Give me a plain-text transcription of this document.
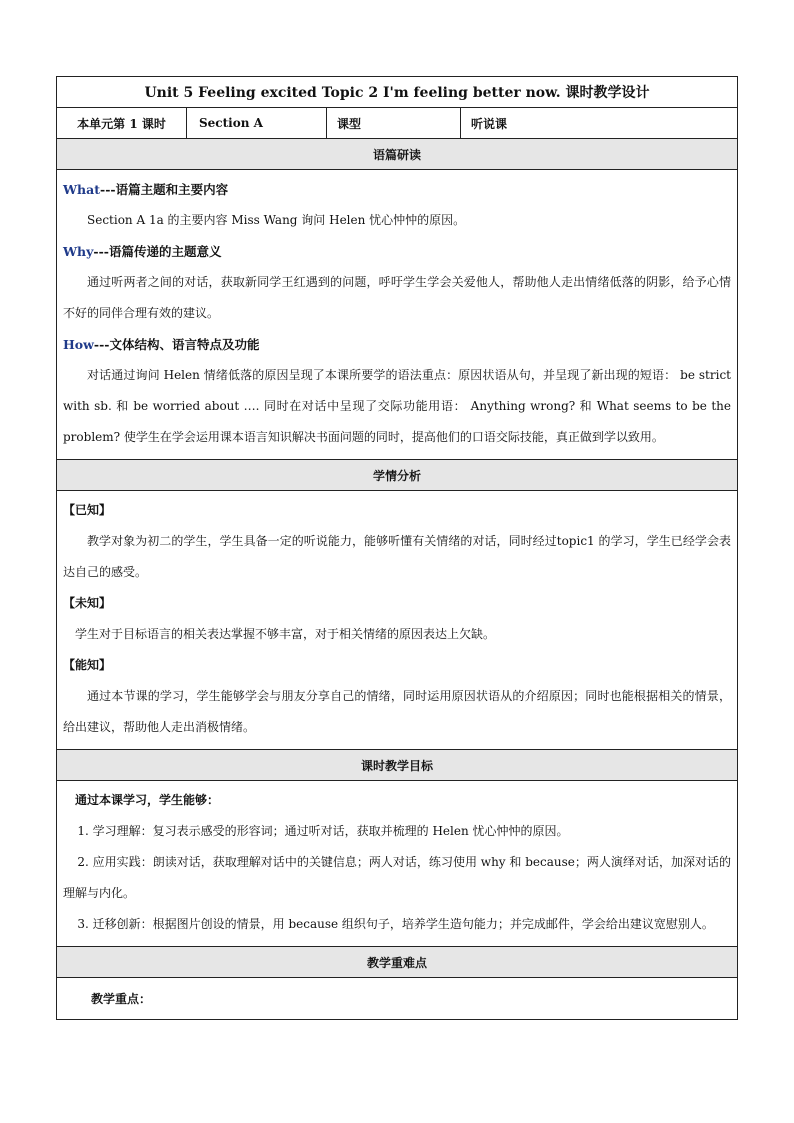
Unit 5 Feeling excited Topic 2 I'm feeling better now. 课时教学设计
本单元第 1 课时	Section A	课型	听说课
语篇研读
What---语篇主题和主要内容
Section A 1a 的主要内容 Miss Wang 询问 Helen 忧心忡忡的原因。
Why---语篇传递的主题意义
通过听两者之间的对话，获取新同学王红遇到的问题，呼吁学生学会关爱他人，帮助他人走出情绪低落的阴影，给予心情不好的同伴合理有效的建议。
How---文体结构、语言特点及功能
对话通过询问 Helen 情绪低落的原因呈现了本课所要学的语法重点：原因状语从句，并呈现了新出现的短语： be strict with sb. 和 be worried about …. 同时在对话中呈现了交际功能用语： Anything wrong? 和 What seems to be the problem? 使学生在学会运用课本语言知识解决书面问题的同时，提高他们的口语交际技能，真正做到学以致用。
学情分析
【已知】
教学对象为初二的学生，学生具备一定的听说能力，能够听懂有关情绪的对话，同时经过topic1 的学习，学生已经学会表达自己的感受。
【未知】
学生对于目标语言的相关表达掌握不够丰富，对于相关情绪的原因表达上欠缺。
【能知】
通过本节课的学习，学生能够学会与朋友分享自己的情绪，同时运用原因状语从的介绍原因；同时也能根据相关的情景，给出建议，帮助他人走出消极情绪。
课时教学目标
通过本课学习，学生能够：
1. 学习理解：复习表示感受的形容词；通过听对话，获取并梳理的 Helen 忧心忡忡的原因。
2. 应用实践：朗读对话，获取理解对话中的关键信息；两人对话，练习使用 why 和 because；两人演绎对话，加深对话的理解与内化。
3. 迁移创新：根据图片创设的情景，用 because 组织句子，培养学生造句能力；并完成邮件，学会给出建议宽慰别人。
教学重难点
教学重点：
